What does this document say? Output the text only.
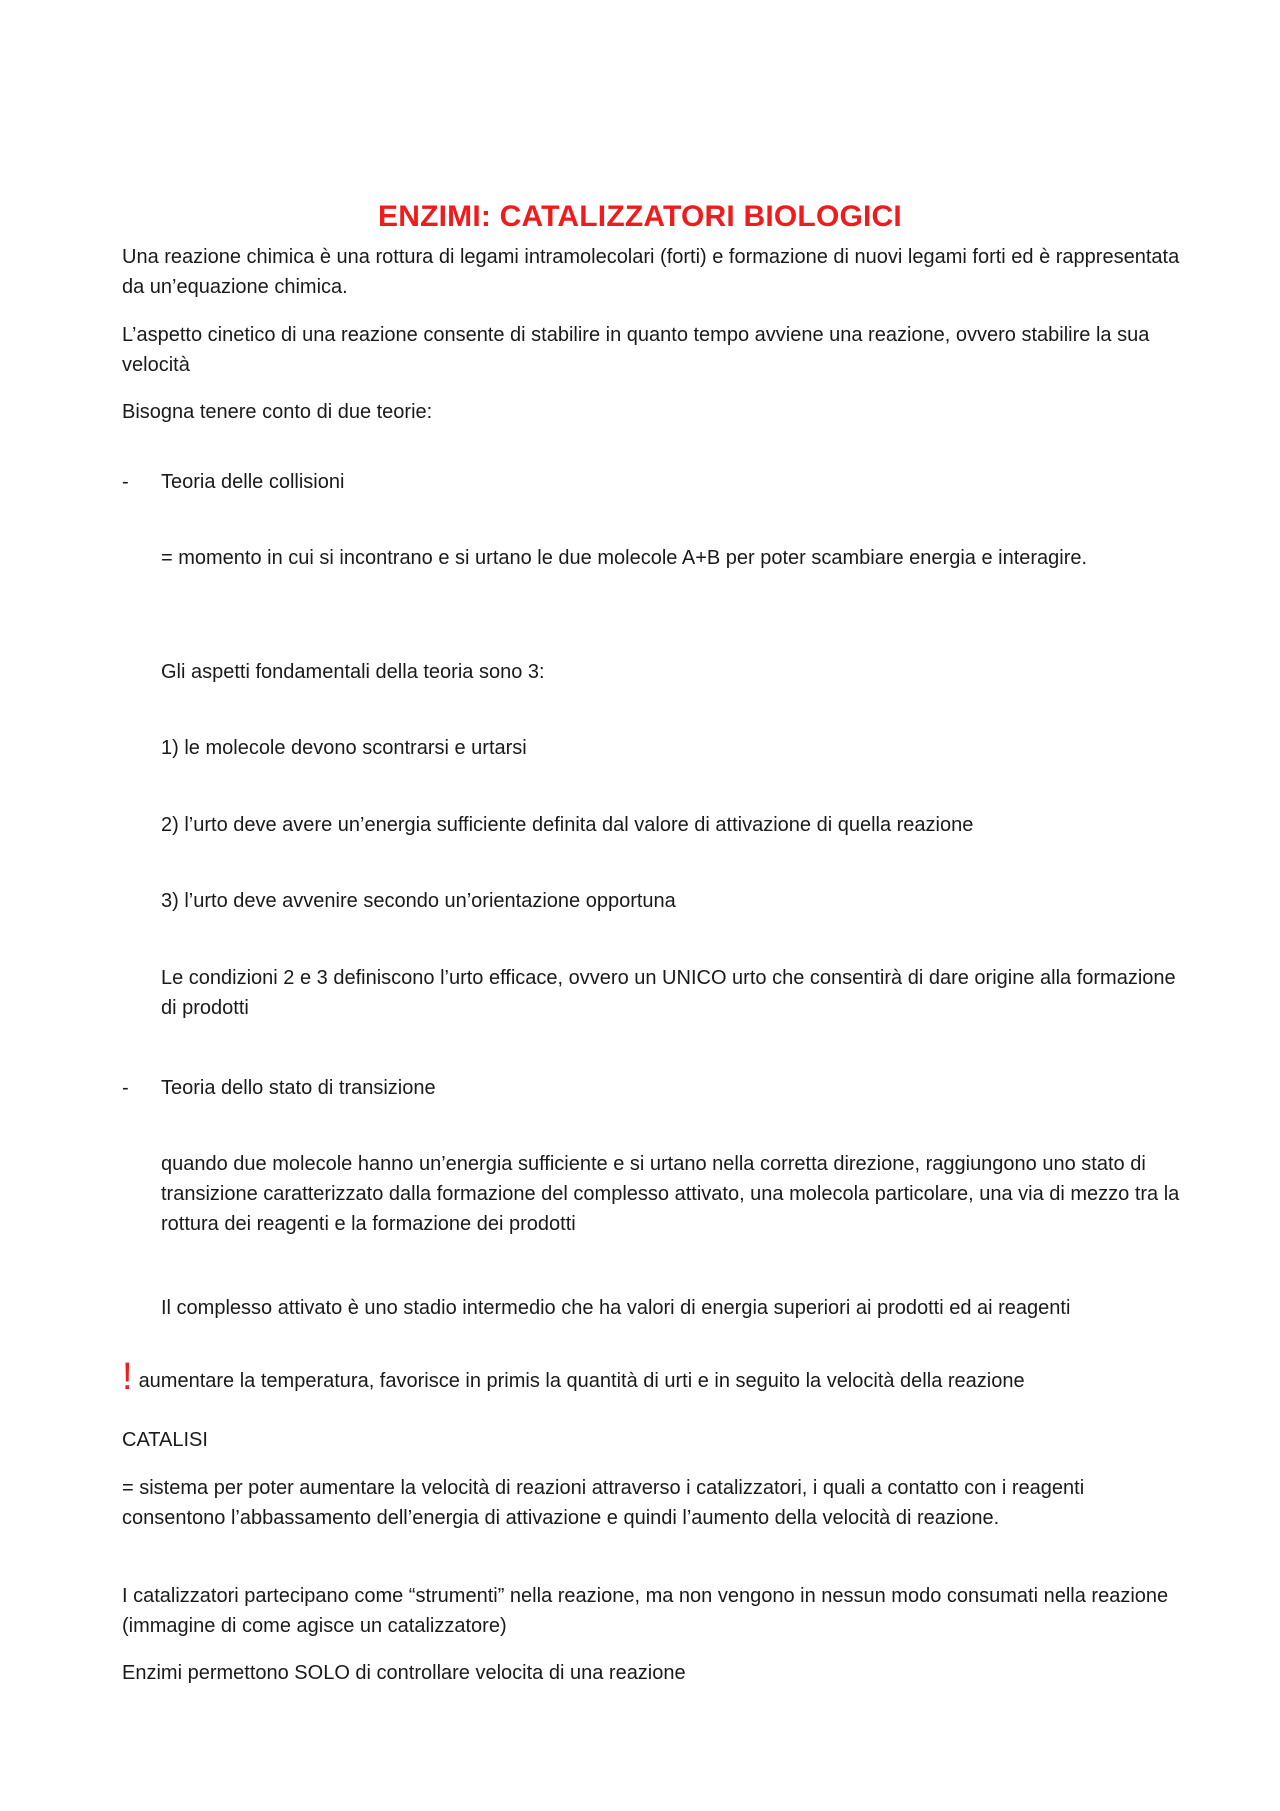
ENZIMI: CATALIZZATORI BIOLOGICI
Una reazione chimica è una rottura di legami intramolecolari (forti) e formazione di nuovi legami forti ed è rappresentata da un’equazione chimica.
L’aspetto cinetico di una reazione consente di stabilire in quanto tempo avviene una reazione, ovvero stabilire la sua velocità
Bisogna tenere conto di due teorie:
- Teoria delle collisioni
= momento in cui si incontrano e si urtano le due molecole A+B per poter scambiare energia e interagire.
Gli aspetti fondamentali della teoria sono 3:
1) le molecole devono scontrarsi e urtarsi
2) l’urto deve avere un’energia sufficiente definita dal valore di attivazione di quella reazione
3) l’urto deve avvenire secondo un’orientazione opportuna
Le condizioni 2 e 3 definiscono l’urto efficace, ovvero un UNICO urto che consentirà di dare origine alla formazione di prodotti
- Teoria dello stato di transizione
quando due molecole hanno un’energia sufficiente e si urtano nella corretta direzione, raggiungono uno stato di transizione caratterizzato dalla formazione del complesso attivato, una molecola particolare, una via di mezzo tra la rottura dei reagenti e la formazione dei prodotti
Il complesso attivato è uno stadio intermedio che ha valori di energia superiori ai prodotti ed ai reagenti
! aumentare la temperatura, favorisce in primis la quantità di urti e in seguito la velocità della reazione
CATALISI
= sistema per poter aumentare la velocità di reazioni attraverso i catalizzatori, i quali a contatto con i reagenti consentono l’abbassamento dell’energia di attivazione e quindi l’aumento della velocità di reazione.
I catalizzatori partecipano come “strumenti” nella reazione, ma non vengono in nessun modo consumati nella reazione (immagine di come agisce un catalizzatore)
Enzimi permettono SOLO di controllare velocita di una reazione
